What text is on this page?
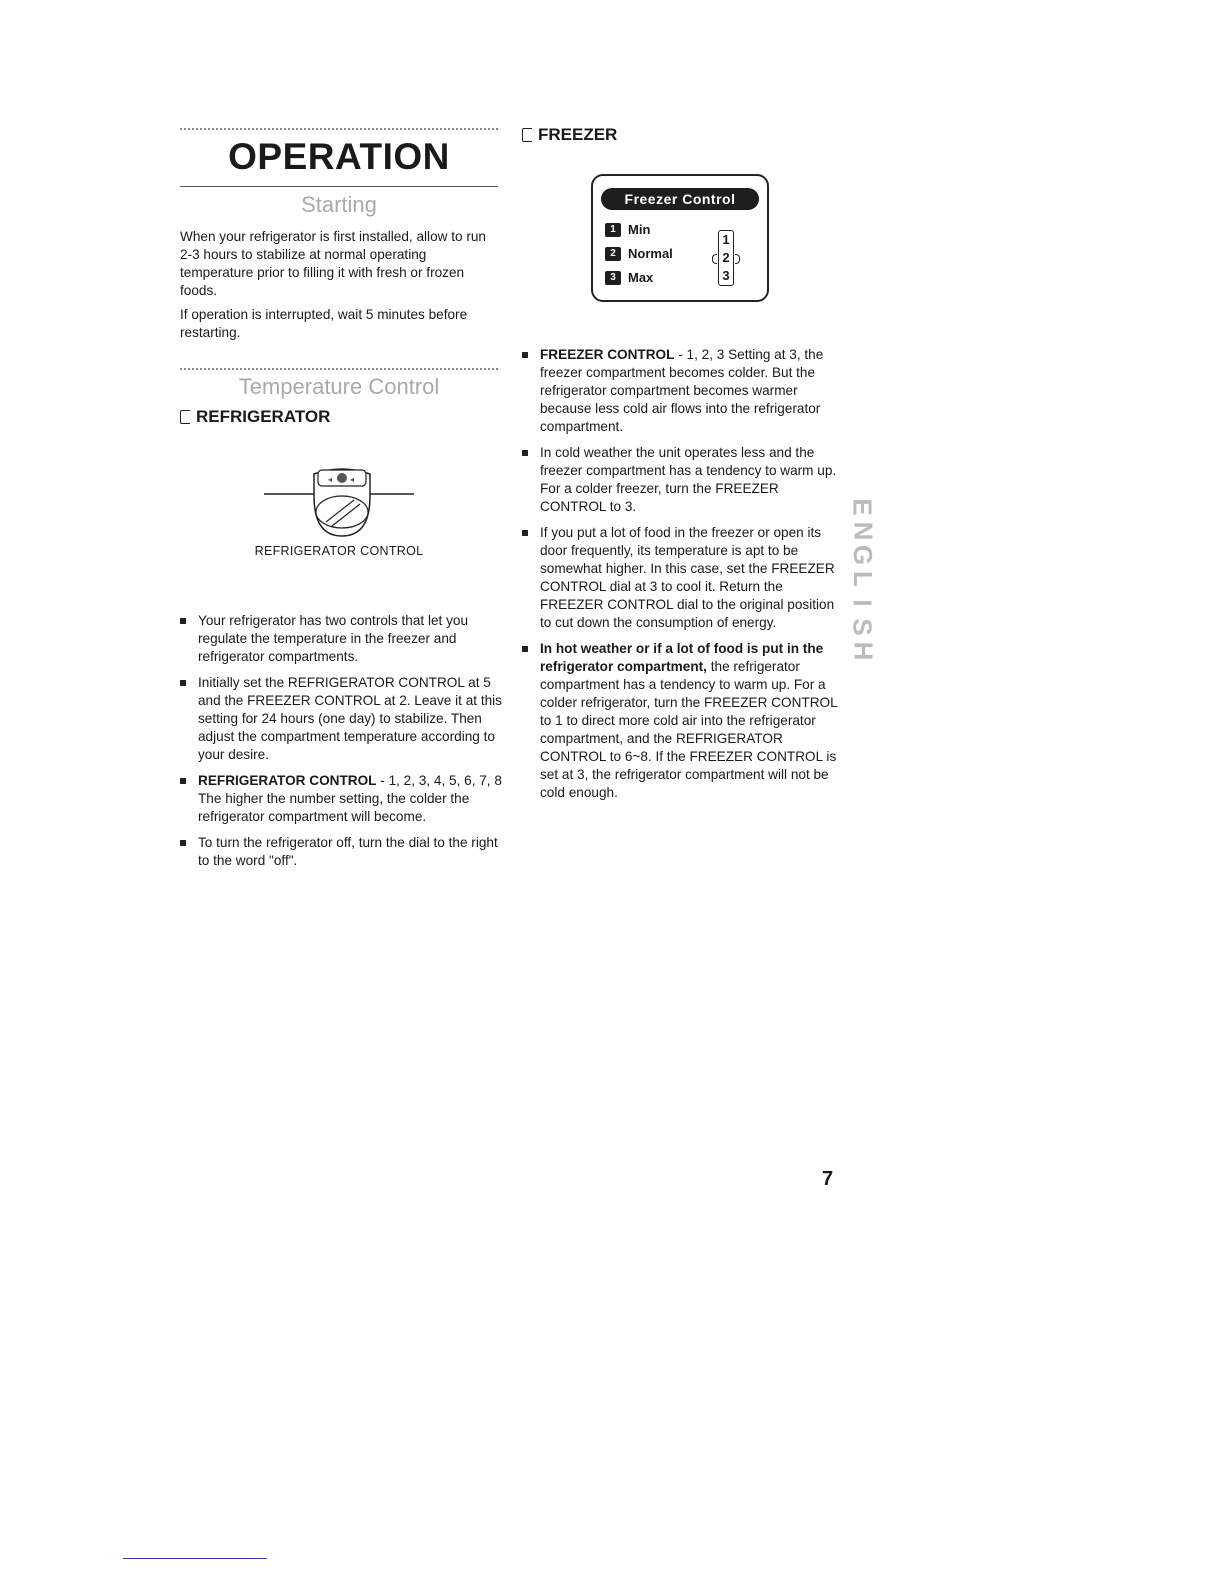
OPERATION
Starting

When your refrigerator is first installed, allow to run 2-3 hours to stabilize at normal operating temperature prior to filling it with fresh or frozen foods.

If operation is interrupted, wait 5 minutes before restarting.

Temperature Control
REFRIGERATOR
◂ ◂
REFRIGERATOR CONTROL
Your refrigerator has two controls that let you regulate the temperature in the freezer and refrigerator compartments.
Initially set the REFRIGERATOR CONTROL at 5 and the FREEZER CONTROL at 2. Leave it at this setting for 24 hours (one day) to stabilize. Then adjust the compartment temperature according to your desire.
REFRIGERATOR CONTROL - 1, 2, 3, 4, 5, 6, 7, 8 The higher the number setting, the colder the refrigerator compartment will become.
To turn the refrigerator off, turn the dial to the right to the word "off".
FREEZER
Freezer Control
1 Min
2 Normal
3 Max
1
2
3
FREEZER CONTROL - 1, 2, 3 Setting at 3, the freezer compartment becomes colder. But the refrigerator compartment becomes warmer because less cold air flows into the refrigerator compartment.
In cold weather the unit operates less and the freezer compartment has a tendency to warm up. For a colder freezer, turn the FREEZER CONTROL to 3.
If you put a lot of food in the freezer or open its door frequently, its temperature is apt to be somewhat higher. In this case, set the FREEZER CONTROL dial at 3 to cool it. Return the FREEZER CONTROL dial to the original position to cut down the consumption of energy.
In hot weather or if a lot of food is put in the refrigerator compartment, the refrigerator compartment has a tendency to warm up. For a colder refrigerator, turn the FREEZER CONTROL to 1 to direct more cold air into the refrigerator compartment, and the REFRIGERATOR CONTROL to 6~8. If the FREEZER CONTROL is set at 3, the refrigerator compartment will not be cold enough.
E
N
G
L
I
S
H
7
